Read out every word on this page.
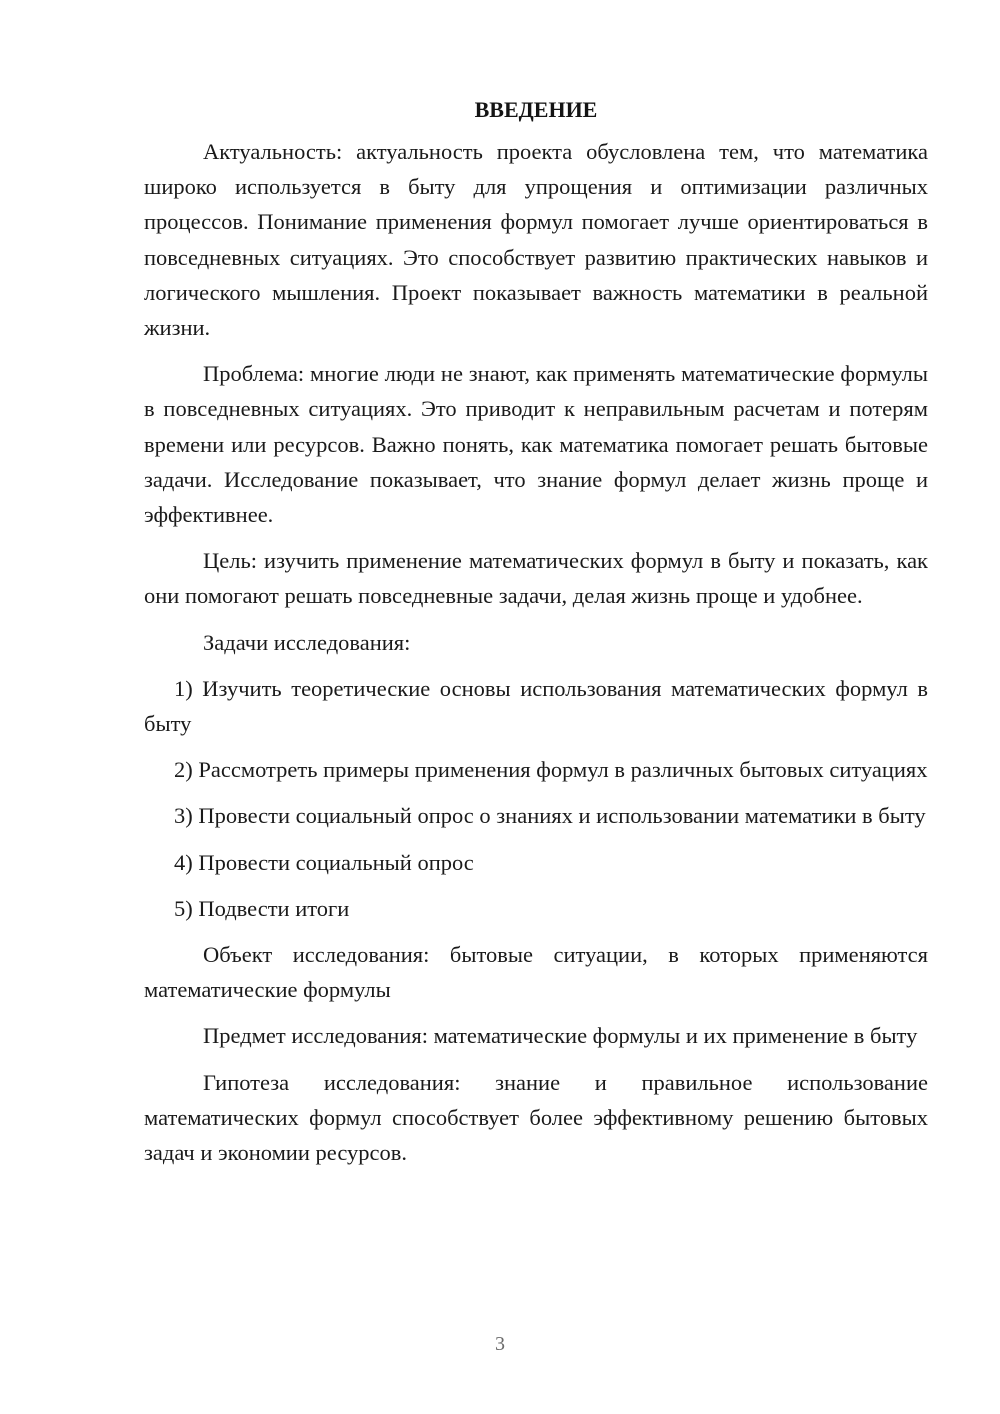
ВВЕДЕНИЕ

Актуальность: актуальность проекта обусловлена тем, что математика широко используется в быту для упрощения и оптимизации различных процессов. Понимание применения формул помогает лучше ориентироваться в повседневных ситуациях. Это способствует развитию практических навыков и логического мышления. Проект показывает важность математики в реальной жизни.

Проблема: многие люди не знают, как применять математические формулы в повседневных ситуациях. Это приводит к неправильным расчетам и потерям времени или ресурсов. Важно понять, как математика помогает решать бытовые задачи. Исследование показывает, что знание формул делает жизнь проще и эффективнее.

Цель: изучить применение математических формул в быту и показать, как они помогают решать повседневные задачи, делая жизнь проще и удобнее.

Задачи исследования:

1) Изучить теоретические основы использования математических формул в быту

2) Рассмотреть примеры применения формул в различных бытовых ситуациях

3) Провести социальный опрос о знаниях и использовании математики в быту

4) Провести социальный опрос

5) Подвести итоги

Объект исследования: бытовые ситуации, в которых применяются математические формулы

Предмет исследования: математические формулы и их применение в быту

Гипотеза исследования: знание и правильное использование математических формул способствует более эффективному решению бытовых задач и экономии ресурсов.

3
